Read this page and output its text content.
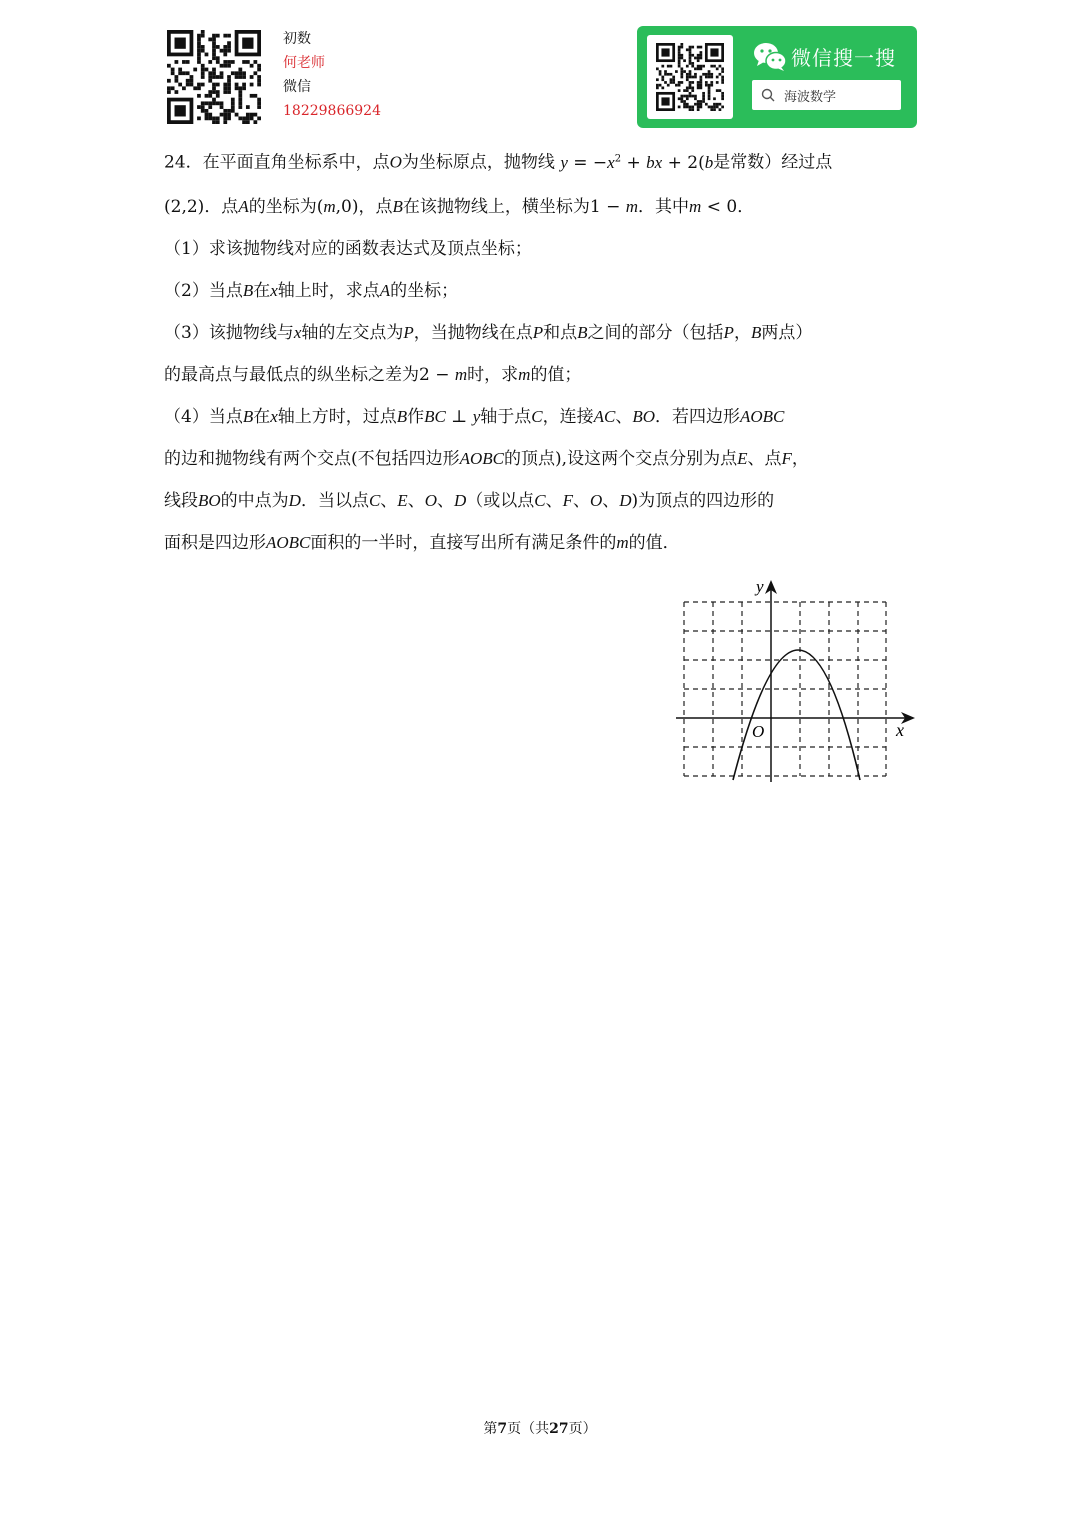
初数
何老师
微信
18229866924
微信搜一搜
海波数学
24．在平面直角坐标系中，点O为坐标原点，抛物线 $y = -x^2$ + bx + 2(b是常数）经过点
(2,2)．点A的坐标为(m,0)，点B在该抛物线上，横坐标为1 − m．其中m < 0．
（1）求该抛物线对应的函数表达式及顶点坐标；
（2）当点B在x轴上时，求点A的坐标；
（3）该抛物线与x轴的左交点为P，当抛物线在点P和点B之间的部分（包括P，B两点）
的最高点与最低点的纵坐标之差为2 − m时，求m的值；
（4）当点B在x轴上方时，过点B作BC ⊥ y轴于点C，连接AC、BO．若四边形AOBC
的边和抛物线有两个交点(不包括四边形AOBC的顶点),设这两个交点分别为点E、点F，
线段BO的中点为D．当以点C、E、O、D（或以点C、F、O、D)为顶点的四边形的
面积是四边形AOBC面积的一半时，直接写出所有满足条件的m的值．
x
y
O
第7页（共27页）
